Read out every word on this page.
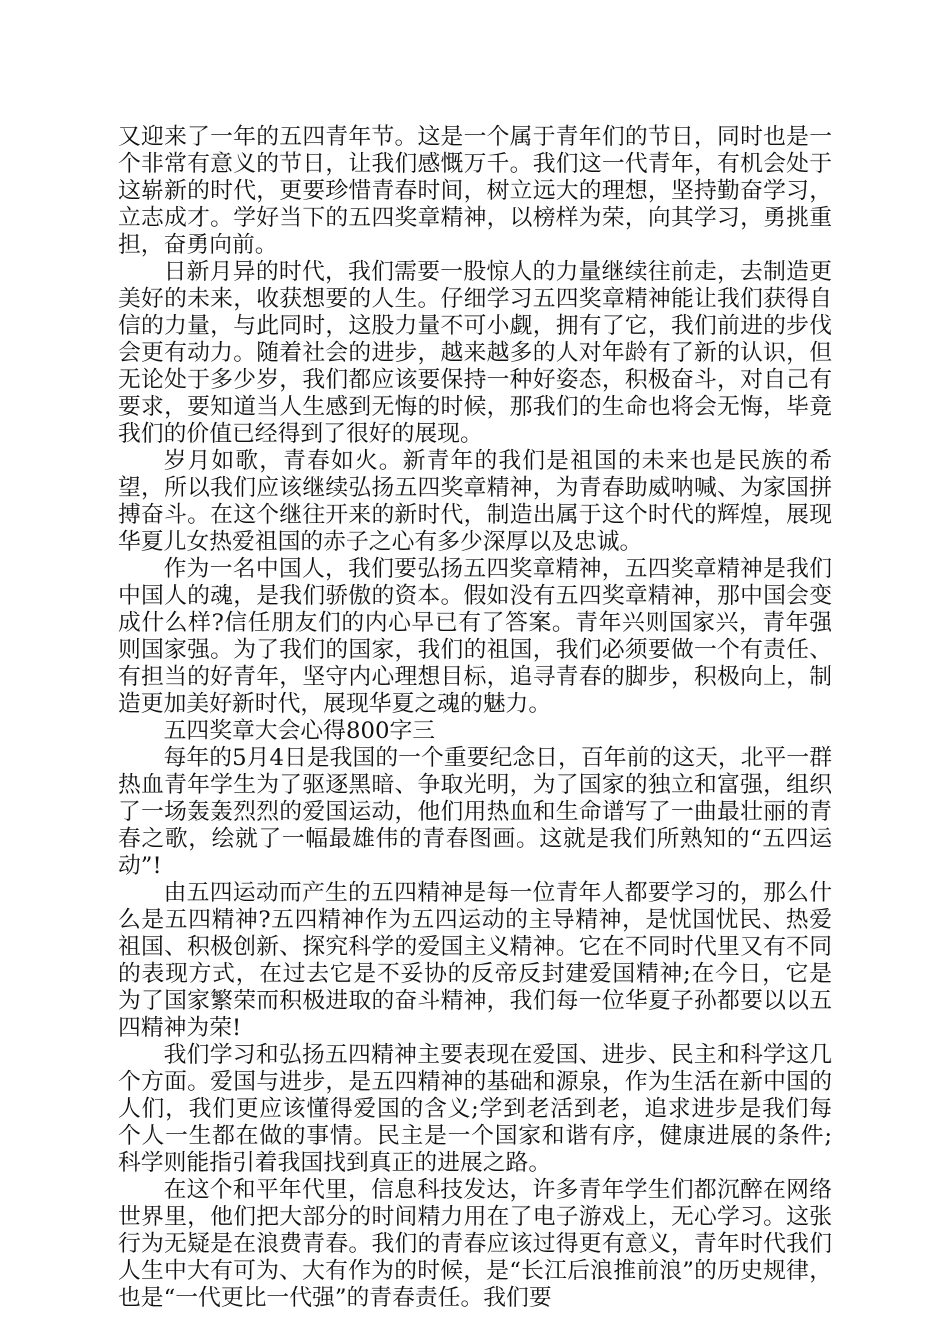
又迎来了一年的五四青年节。这是一个属于青年们的节日，同时也是一个非常有意义的节日，让我们感慨万千。我们这一代青年，有机会处于这崭新的时代，更要珍惜青春时间，树立远大的理想，坚持勤奋学习，立志成才。学好当下的五四奖章精神，以榜样为荣，向其学习，勇挑重担，奋勇向前。

日新月异的时代，我们需要一股惊人的力量继续往前走，去制造更美好的未来，收获想要的人生。仔细学习五四奖章精神能让我们获得自信的力量，与此同时，这股力量不可小觑，拥有了它，我们前进的步伐会更有动力。随着社会的进步，越来越多的人对年龄有了新的认识，但无论处于多少岁，我们都应该要保持一种好姿态，积极奋斗，对自己有要求，要知道当人生感到无悔的时候，那我们的生命也将会无悔，毕竟我们的价值已经得到了很好的展现。

岁月如歌，青春如火。新青年的我们是祖国的未来也是民族的希望，所以我们应该继续弘扬五四奖章精神，为青春助威呐喊、为家国拼搏奋斗。在这个继往开来的新时代，制造出属于这个时代的辉煌，展现华夏儿女热爱祖国的赤子之心有多少深厚以及忠诚。

作为一名中国人，我们要弘扬五四奖章精神，五四奖章精神是我们中国人的魂，是我们骄傲的资本。假如没有五四奖章精神，那中国会变成什么样?信任朋友们的内心早已有了答案。青年兴则国家兴，青年强则国家强。为了我们的国家，我们的祖国，我们必须要做一个有责任、有担当的好青年，坚守内心理想目标，追寻青春的脚步，积极向上，制造更加美好新时代，展现华夏之魂的魅力。

五四奖章大会心得800字三

每年的5月4日是我国的一个重要纪念日，百年前的这天，北平一群热血青年学生为了驱逐黑暗、争取光明，为了国家的独立和富强，组织了一场轰轰烈烈的爱国运动，他们用热血和生命谱写了一曲最壮丽的青春之歌，绘就了一幅最雄伟的青春图画。这就是我们所熟知的“五四运动”!

由五四运动而产生的五四精神是每一位青年人都要学习的，那么什么是五四精神?五四精神作为五四运动的主导精神，是忧国忧民、热爱祖国、积极创新、探究科学的爱国主义精神。它在不同时代里又有不同的表现方式，在过去它是不妥协的反帝反封建爱国精神;在今日，它是为了国家繁荣而积极进取的奋斗精神，我们每一位华夏子孙都要以以五四精神为荣!

我们学习和弘扬五四精神主要表现在爱国、进步、民主和科学这几个方面。爱国与进步，是五四精神的基础和源泉，作为生活在新中国的人们，我们更应该懂得爱国的含义;学到老活到老，追求进步是我们每个人一生都在做的事情。民主是一个国家和谐有序，健康进展的条件;科学则能指引着我国找到真正的进展之路。

在这个和平年代里，信息科技发达，许多青年学生们都沉醉在网络世界里，他们把大部分的时间精力用在了电子游戏上，无心学习。这张行为无疑是在浪费青春。我们的青春应该过得更有意义，青年时代我们人生中大有可为、大有作为的时候，是“长江后浪推前浪”的历史规律，也是“一代更比一代强”的青春责任。我们要
